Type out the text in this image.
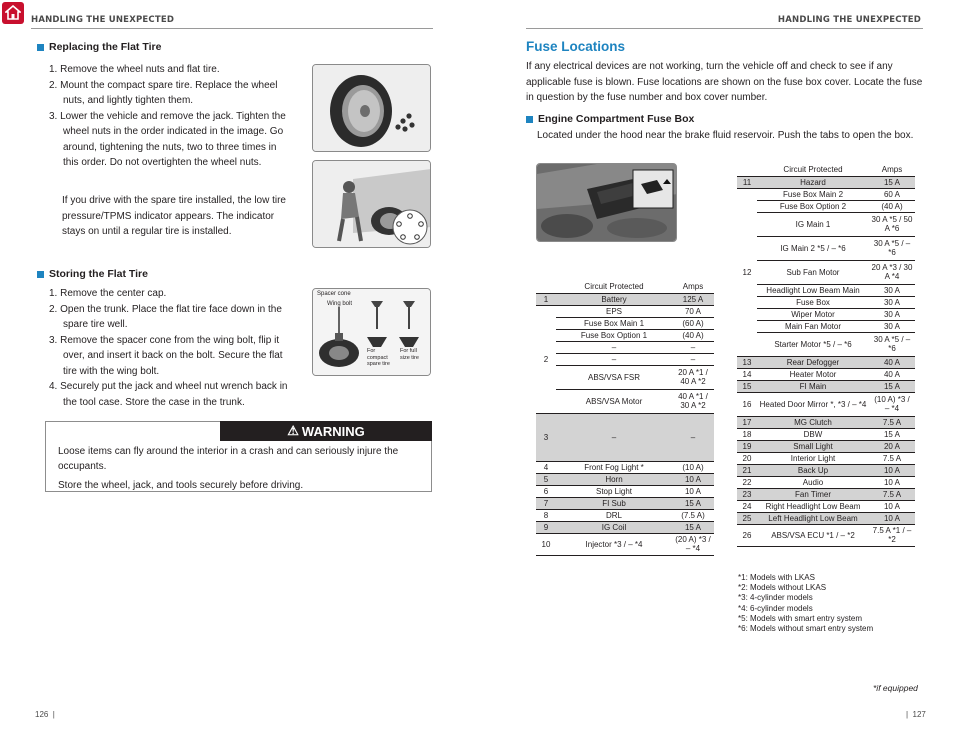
HANDLING THE UNEXPECTED	HANDLING THE UNEXPECTED
Replacing the Flat Tire
1. Remove the wheel nuts and flat tire.
2. Mount the compact spare tire. Replace the wheel nuts, and lightly tighten them.
3. Lower the vehicle and remove the jack. Tighten the wheel nuts in the order indicated in the image. Go around, tightening the nuts, two to three times in this order. Do not overtighten the wheel nuts.
If you drive with the spare tire installed, the low tire pressure/TPMS indicator appears. The indicator stays on until a regular tire is installed.
Storing the Flat Tire
1. Remove the center cap.
2. Open the trunk. Place the flat tire face down in the spare tire well.
3. Remove the spacer cone from the wing bolt, flip it over, and insert it back on the bolt. Secure the flat tire with the wing bolt.
4. Securely put the jack and wheel nut wrench back in the tool case. Store the case in the trunk.
Spacer cone
Wing bolt
For compact spare tire
For full size tire
⚠ WARNING
Loose items can fly around the interior in a crash and can seriously injure the occupants.
Store the wheel, jack, and tools securely before driving.
Fuse Locations
If any electrical devices are not working, turn the vehicle off and check to see if any applicable fuse is blown. Fuse locations are shown on the fuse box cover. Locate the fuse in question by the fuse number and box cover number.
Engine Compartment Fuse Box
Located under the hood near the brake fluid reservoir. Push the tabs to open the box.
	Circuit Protected	Amps
1	Battery	125 A
2	EPS	70 A
	Fuse Box Main 1	(60 A)
	Fuse Box Option 1	(40 A)
	–	–
	–	–
	ABS/VSA FSR	20 A *1 / 40 A *2
	ABS/VSA Motor	40 A *1 / 30 A *2
3	–	–
4	Front Fog Light *	(10 A)
5	Horn	10 A
6	Stop Light	10 A
7	FI Sub	15 A
8	DRL	(7.5 A)
9	IG Coil	15 A
10	Injector *3 / – *4	(20 A) *3 / – *4
	Circuit Protected	Amps
11	Hazard	15 A
12	Fuse Box Main 2	60 A
	Fuse Box Option 2	(40 A)
	IG Main 1	30 A *5 / 50 A *6
	IG Main 2 *5 / – *6	30 A *5 / – *6
	Sub Fan Motor	20 A *3 / 30 A *4
	Headlight Low Beam Main	30 A
	Fuse Box	30 A
	Wiper Motor	30 A
	Main Fan Motor	30 A
	Starter Motor *5 / – *6	30 A *5 / – *6
13	Rear Defogger	40 A
14	Heater Motor	40 A
15	FI Main	15 A
16	Heated Door Mirror *, *3 / – *4	(10 A) *3 / – *4
17	MG Clutch	7.5 A
18	DBW	15 A
19	Small Light	20 A
20	Interior Light	7.5 A
21	Back Up	10 A
22	Audio	10 A
23	Fan Timer	7.5 A
24	Right Headlight Low Beam	10 A
25	Left Headlight Low Beam	10 A
26	ABS/VSA ECU *1 / – *2	7.5 A *1 / – *2
*1: Models with LKAS
*2: Models without LKAS
*3: 4-cylinder models
*4: 6-cylinder models
*5: Models with smart entry system
*6: Models without smart entry system
*if equipped
126  |	|  127
